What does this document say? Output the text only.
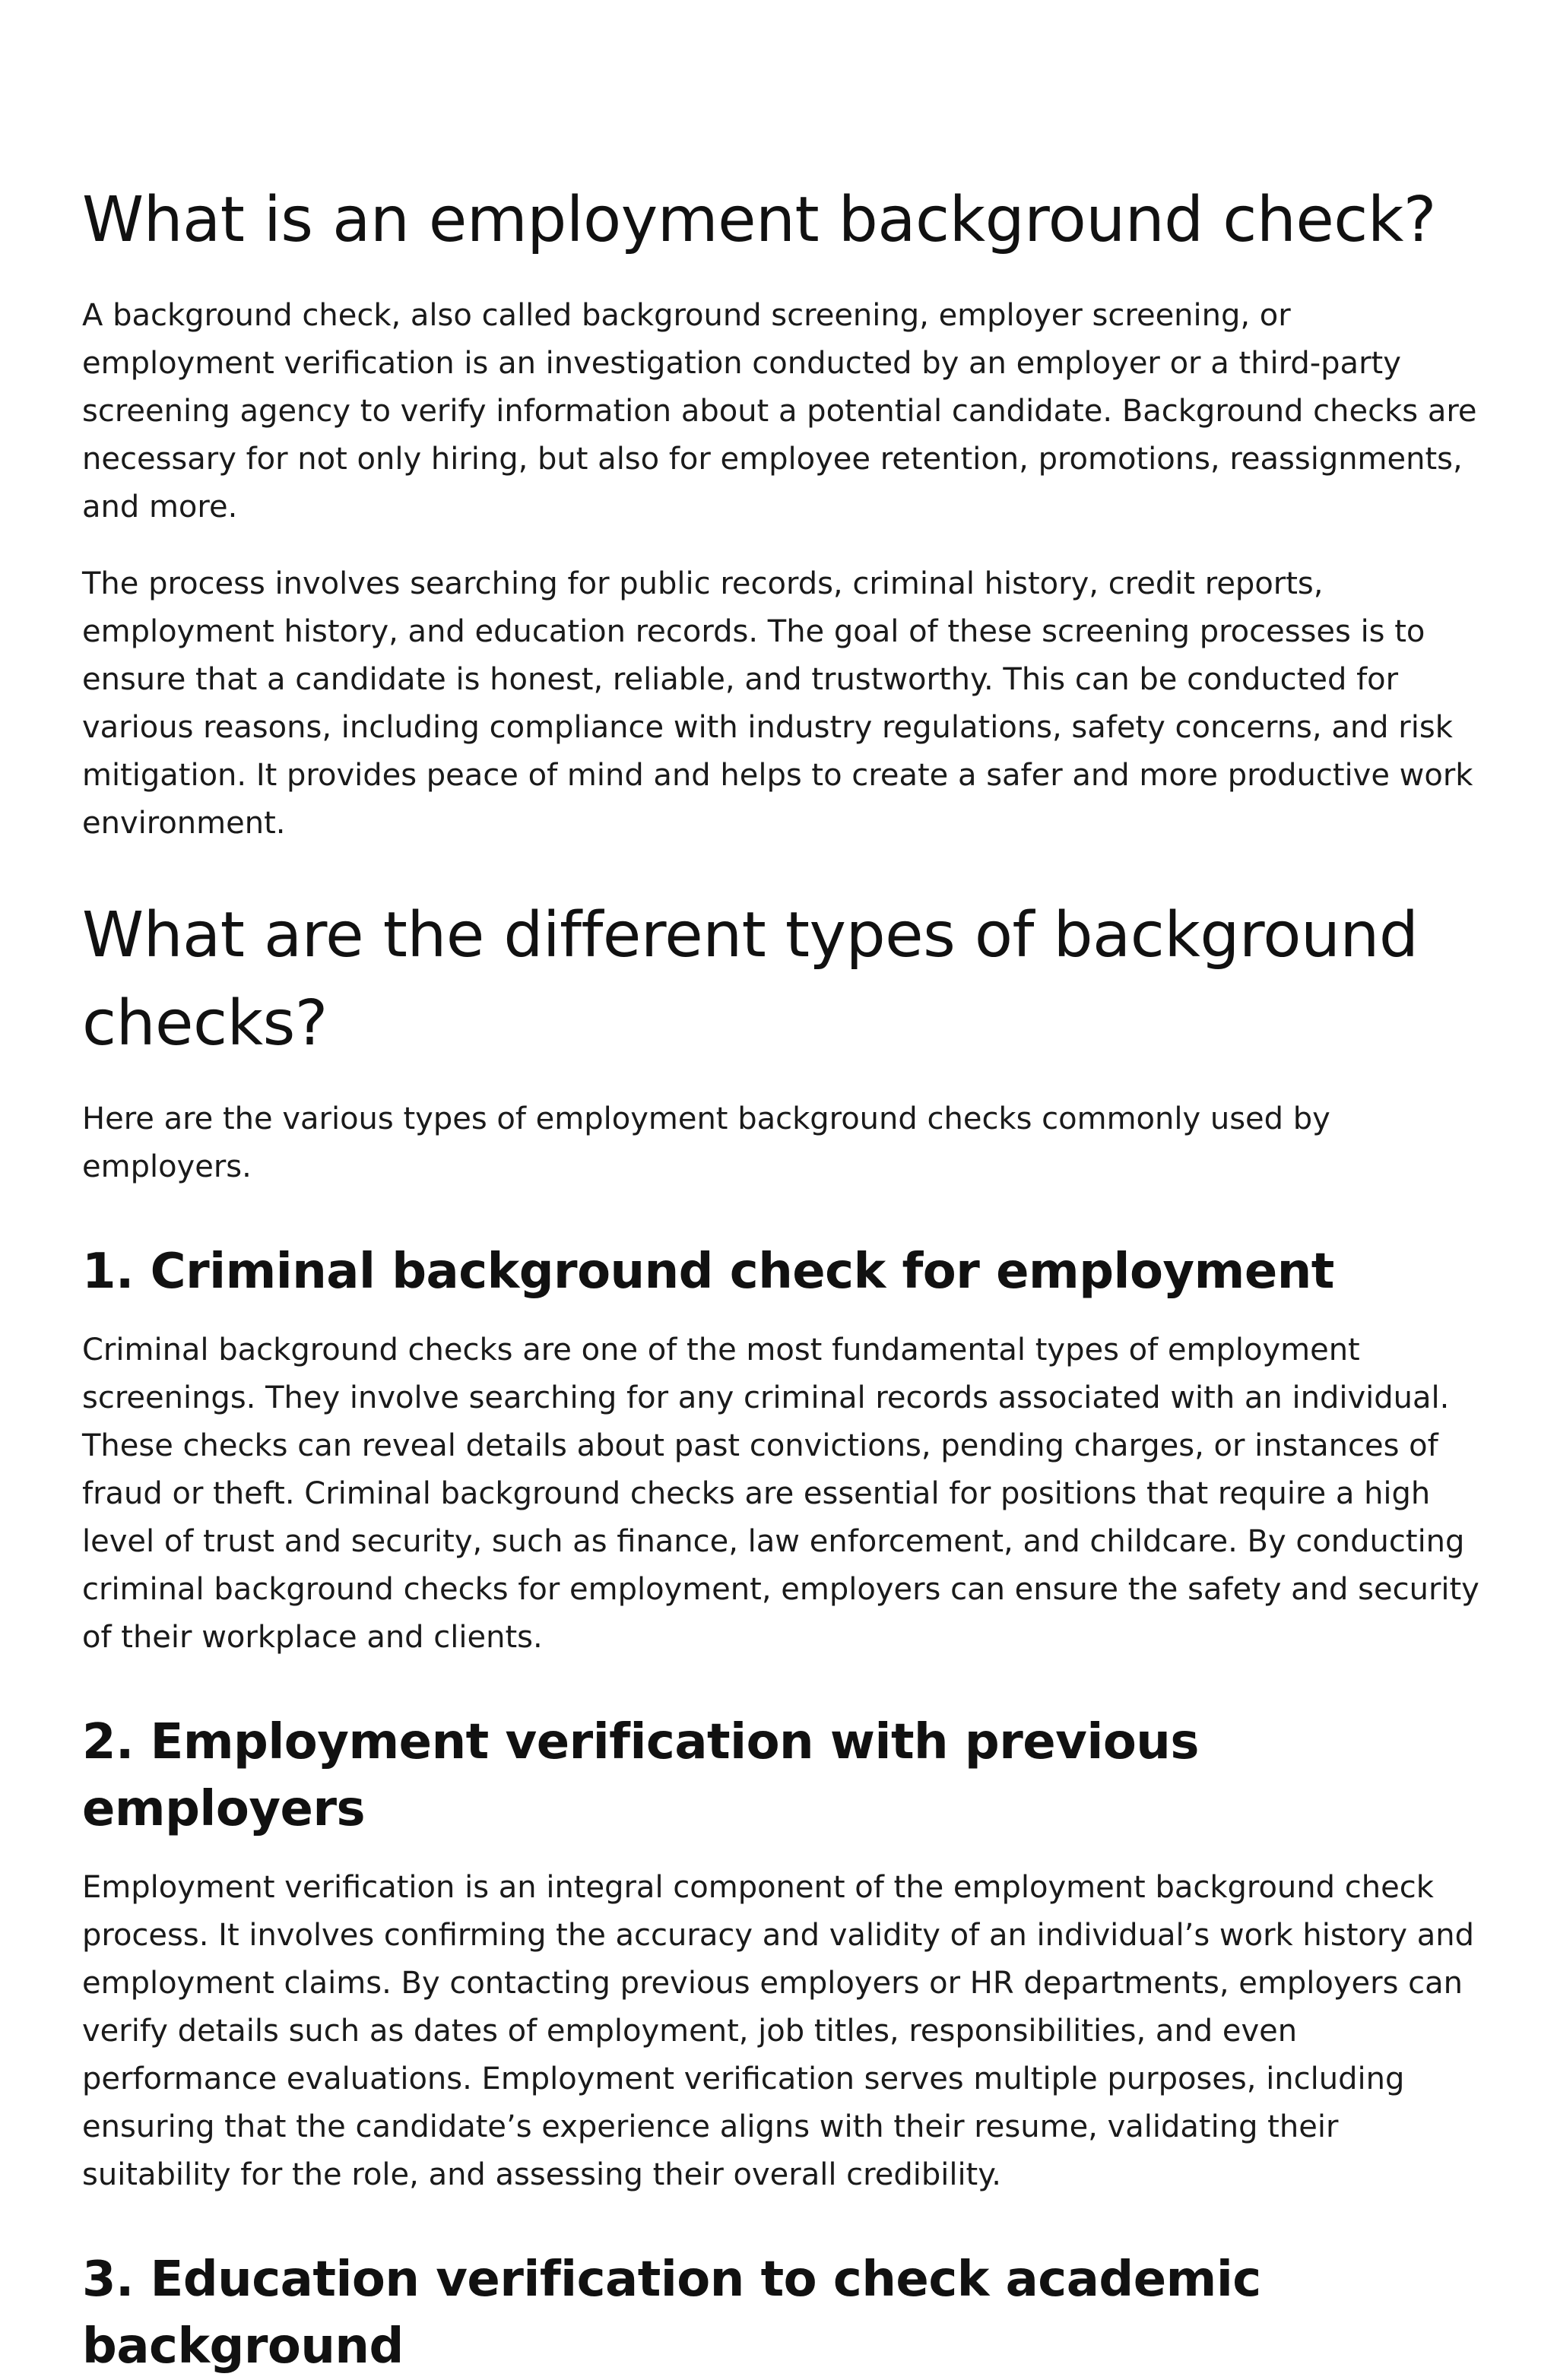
What is an employment background check?

A background check, also called background screening, employer screening, or employment verification is an investigation conducted by an employer or a third-party screening agency to verify information about a potential candidate. Background checks are necessary for not only hiring, but also for employee retention, promotions, reassignments, and more.

The process involves searching for public records, criminal history, credit reports, employment history, and education records. The goal of these screening processes is to ensure that a candidate is honest, reliable, and trustworthy. This can be conducted for various reasons, including compliance with industry regulations, safety concerns, and risk mitigation. It provides peace of mind and helps to create a safer and more productive work environment.

What are the different types of background checks?

Here are the various types of employment background checks commonly used by employers.

1. Criminal background check for employment

Criminal background checks are one of the most fundamental types of employment screenings. They involve searching for any criminal records associated with an individual. These checks can reveal details about past convictions, pending charges, or instances of fraud or theft. Criminal background checks are essential for positions that require a high level of trust and security, such as finance, law enforcement, and childcare. By conducting criminal background checks for employment, employers can ensure the safety and security of their workplace and clients.

2. Employment verification with previous employers

Employment verification is an integral component of the employment background check process. It involves confirming the accuracy and validity of an individual’s work history and employment claims. By contacting previous employers or HR departments, employers can verify details such as dates of employment, job titles, responsibilities, and even performance evaluations. Employment verification serves multiple purposes, including ensuring that the candidate’s experience aligns with their resume, validating their suitability for the role, and assessing their overall credibility.

3. Education verification to check academic background
